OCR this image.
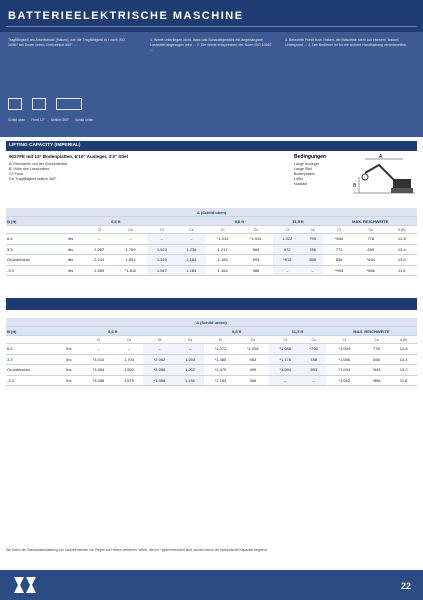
BATTERIEELEKTRISCHE MASCHINE
Tragfähigkeit am Arbeitsende (Haken), wie die Tragfähigkeit in t nach ISO 10567 bei Dozer unten, Drehwinkel 360° ...
1. Werte unterliegen nicht, dass das Schaufelgewicht mit angehängtem Lastmittel abgezogen wird ... 2. Die Werte entsprechen der Norm ISO 10567 ...
3. Belastete Punkt bzw. Haken, die Maschine steht auf ebenem, festem Untergrund ... 4. Der Bediener ist für die sichere Handhabung verantwortlich.
Schild oben Front 12° Seitlich 360° Schild unten
LIFTING CAPACITY (IMPERIAL)
9027FE mit 12° Bodenplatten, 6'10" Ausleger, 4'3" Stiel
A: Reichweite von der Schwenkmitte
B: Höhe des Lastpunktes
Cf: Front
Cs: Tragfähigkeit seitlich 360°
Bedingungen
Lange Ausleger
Lange Stiel
Bodenplatten
Löffel
Nutzlast
A
B
A (Schild oben)												
B (ft)		6,6 ft				9,8 ft		11,5 ft		MAX. REICHWEITE		
		Cf	Cs	Cf	Cs	Cf	Cs	Cf	Cs	Cf	Cs	A (ft)
6,6	lbs	–	–	–	–	*1.012	*1.031	1.022	799	*848	778	12,8
3,3	lbs	2.257	1.769	1.523	1.236	1.217	984	972	786	772	659	13,4
Grundniveau	lbs	2.244	1.692	1.519	1.184	1.184	993	*912	859	836	*644	13,5
-3,3	lbs	2.565	*1.816	1.547	1.184	1.164	988	–	–	*993	*866	11,6
A (Schild unten)												
B (ft)		6,6 ft				9,8 ft		11,5 ft		MAX. REICHWEITE		
		Cf	Cs	Cf	Cs	Cf	Cs	Cf	Cs	Cf	Cs	A (ft)
6,6	lbs	–	–	–	–	*1.072	*1.054	*1.088	*796	*1.094	778	12,8
3,3	lbs	*3.010	1.703	*2.062	1.253	*1.485	983	*1.178	788	*1.086	658	13,4
Grundniveau	lbs	*3.064	1.662	*2.080	1.202	*1.479	995	*1.094	983	*1.094	*644	13,2
-3,3	lbs	*3.068	1.679	*1.956	1.191	*1.183	996	–	–	*1.062	*886	11,6
Die Daten der Standardausstattung von Laufzeit werden von Regen auf Heizen-verfahren. Werte, die mit * gekennzeichnet sind, werden durch die hydraulische Kapazität begrenzt.
22
